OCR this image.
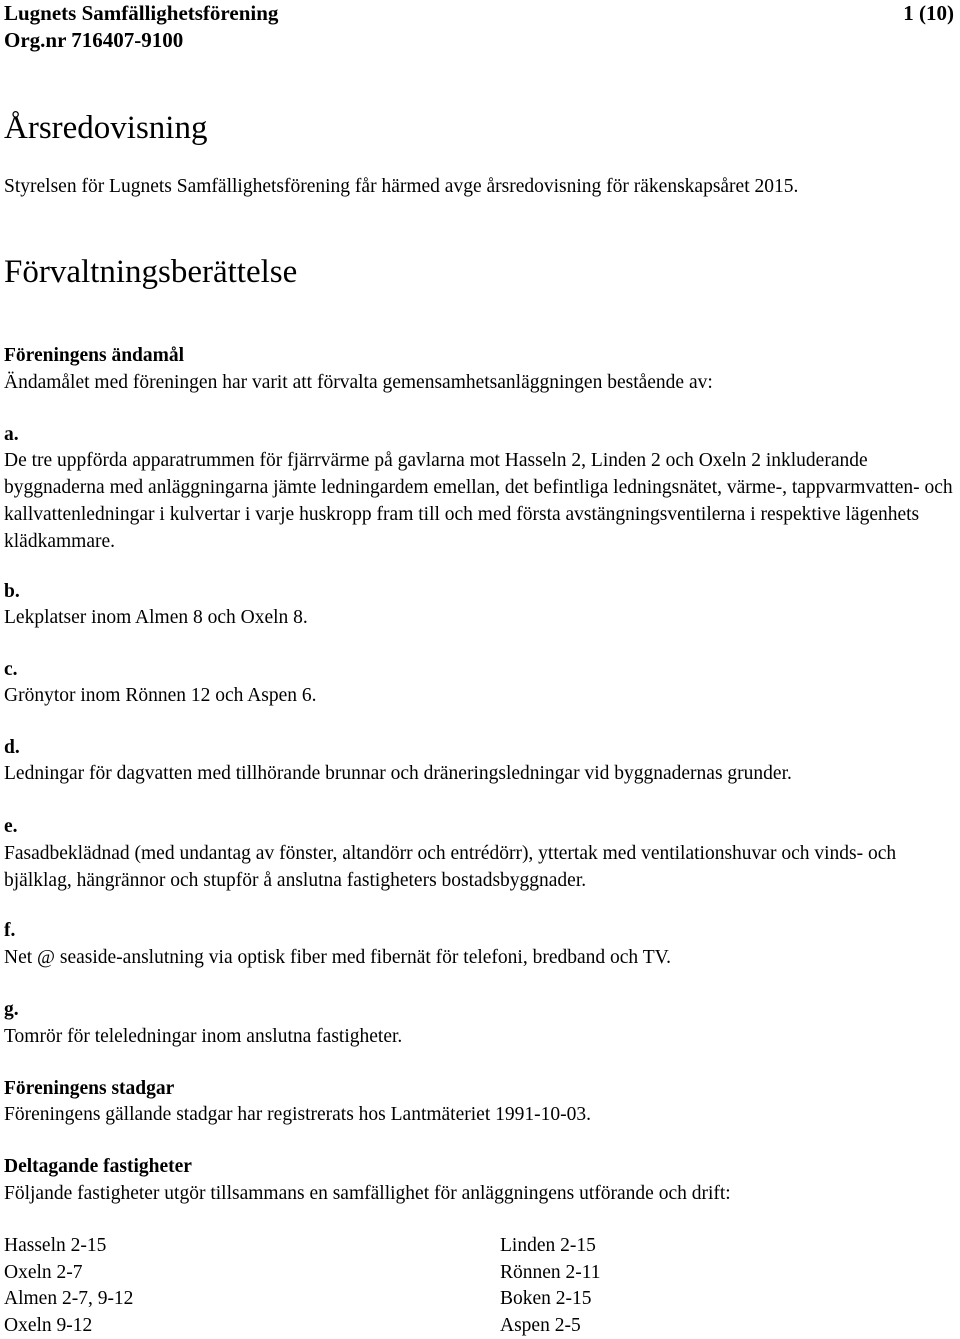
Lugnets Samfällighetsförening	1 (10)
Org.nr 716407-9100
Årsredovisning

Styrelsen för Lugnets Samfällighetsförening får härmed avge årsredovisning för räkenskapsåret 2015.

Förvaltningsberättelse
Föreningens ändamål
Ändamålet med föreningen har varit att förvalta gemensamhetsanläggningen bestående av:
a.
De tre uppförda apparatrummen för fjärrvärme på gavlarna mot Hasseln 2, Linden 2 och Oxeln 2 inkluderande byggnaderna med anläggningarna jämte ledningardem emellan, det befintliga ledningsnätet, värme-, tappvarmvatten- och kallvattenledningar i kulvertar i varje huskropp fram till och med första avstängningsventilerna i respektive lägenhets klädkammare.
b.
Lekplatser inom Almen 8 och Oxeln 8.
c.
Grönytor inom Rönnen 12 och Aspen 6.
d.
Ledningar för dagvatten med tillhörande brunnar och dräneringsledningar vid byggnadernas grunder.
e.
Fasadbeklädnad (med undantag av fönster, altandörr och entrédörr), yttertak med ventilationshuvar och vinds- och bjälklag, hängrännor och stupför å anslutna fastigheters bostadsbyggnader.
f.
Net @ seaside-anslutning via optisk fiber med fibernät för telefoni, bredband och TV.
g.
Tomrör för teleledningar inom anslutna fastigheter.
Föreningens stadgar
Föreningens gällande stadgar har registrerats hos Lantmäteriet 1991-10-03.
Deltagande fastigheter
Följande fastigheter utgör tillsammans en samfällighet för anläggningens utförande och drift:
Hasseln 2-15	Linden 2-15
Oxeln 2-7	Rönnen 2-11
Almen 2-7, 9-12	Boken 2-15
Oxeln 9-12	Aspen 2-5
